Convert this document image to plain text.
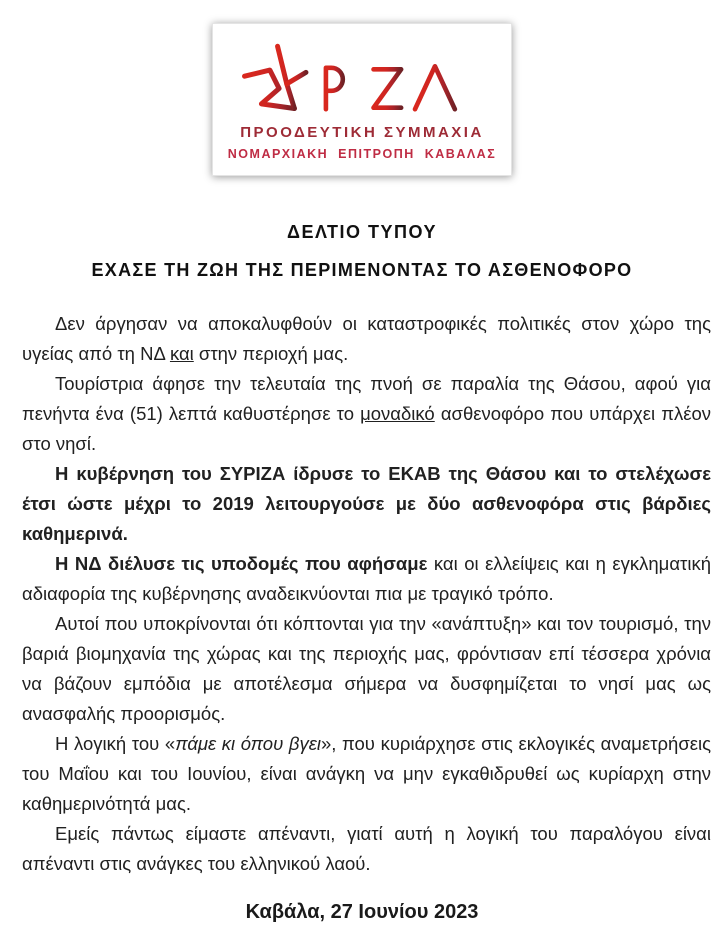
ΠΡΟΟΔΕΥΤΙΚΗ ΣΥΜΜΑΧΙΑ
ΝΟΜΑΡΧΙΑΚΗ ΕΠΙΤΡΟΠΗ ΚΑΒΑΛΑΣ
ΔΕΛΤΙΟ ΤΥΠΟΥ
ΕΧΑΣΕ ΤΗ ΖΩΗ ΤΗΣ ΠΕΡΙΜΕΝΟΝΤΑΣ ΤΟ ΑΣΘΕΝΟΦΟΡΟ

Δεν άργησαν να αποκαλυφθούν οι καταστροφικές πολιτικές στον χώρο της υγείας από τη ΝΔ και στην περιοχή μας.

Τουρίστρια άφησε την τελευταία της πνοή σε παραλία της Θάσου, αφού για πενήντα ένα (51) λεπτά καθυστέρησε το μοναδικό ασθενοφόρο που υπάρχει πλέον στο νησί.

Η κυβέρνηση του ΣΥΡΙΖΑ ίδρυσε το ΕΚΑΒ της Θάσου και το στελέχωσε έτσι ώστε μέχρι το 2019 λειτουργούσε με δύο ασθενοφόρα στις βάρδιες καθημερινά.

Η ΝΔ διέλυσε τις υποδομές που αφήσαμε και οι ελλείψεις και η εγκληματική αδιαφορία της κυβέρνησης αναδεικνύονται πια με τραγικό τρόπο.

Αυτοί που υποκρίνονται ότι κόπτονται για την «ανάπτυξη» και τον τουρισμό, την βαριά βιομηχανία της χώρας και της περιοχής μας, φρόντισαν επί τέσσερα χρόνια να βάζουν εμπόδια με αποτέλεσμα σήμερα να δυσφημίζεται το νησί μας ως ανασφαλής προορισμός.

Η λογική του «πάμε κι όπου βγει», που κυριάρχησε στις εκλογικές αναμετρήσεις του Μαΐου και του Ιουνίου, είναι ανάγκη να μην εγκαθιδρυθεί ως κυρίαρχη στην καθημερινότητά μας.

Εμείς πάντως είμαστε απέναντι, γιατί αυτή η λογική του παραλόγου είναι απέναντι στις ανάγκες του ελληνικού λαού.

Καβάλα, 27 Ιουνίου 2023
